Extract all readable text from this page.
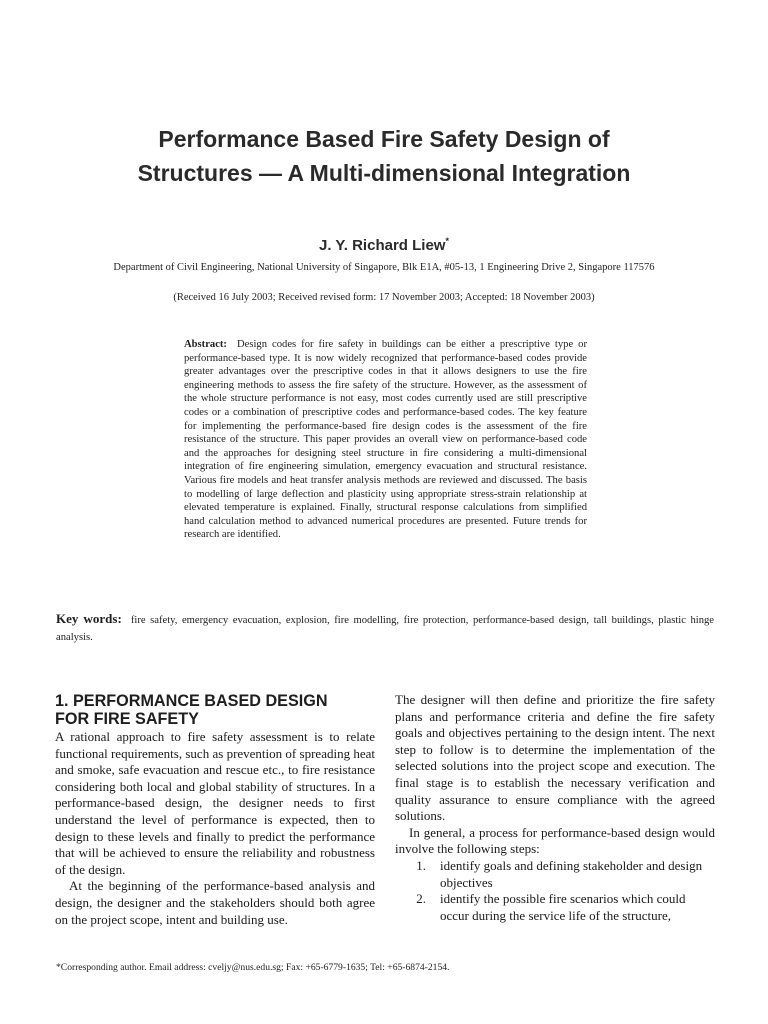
Performance Based Fire Safety Design of
Structures — A Multi-dimensional Integration
J. Y. Richard Liew*
Department of Civil Engineering, National University of Singapore, Blk E1A, #05-13, 1 Engineering Drive 2, Singapore 117576
(Received 16 July 2003; Received revised form: 17 November 2003; Accepted: 18 November 2003)
Abstract: Design codes for fire safety in buildings can be either a prescriptive type or performance-based type. It is now widely recognized that performance-based codes provide greater advantages over the prescriptive codes in that it allows designers to use the fire engineering methods to assess the fire safety of the structure. However, as the assessment of the whole structure performance is not easy, most codes currently used are still prescriptive codes or a combination of prescriptive codes and performance-based codes. The key feature for implementing the performance-based fire design codes is the assessment of the fire resistance of the structure. This paper provides an overall view on performance-based code and the approaches for designing steel structure in fire considering a multi-dimensional integration of fire engineering simulation, emergency evacuation and structural resistance. Various fire models and heat transfer analysis methods are reviewed and discussed. The basis to modelling of large deflection and plasticity using appropriate stress-strain relationship at elevated temperature is explained. Finally, structural response calculations from simplified hand calculation method to advanced numerical procedures are presented. Future trends for research are identified.
Key words: fire safety, emergency evacuation, explosion, fire modelling, fire protection, performance-based design, tall buildings, plastic hinge analysis.
1. PERFORMANCE BASED DESIGN
FOR FIRE SAFETY

A rational approach to fire safety assessment is to relate functional requirements, such as prevention of spreading heat and smoke, safe evacuation and rescue etc., to fire resistance considering both local and global stability of structures. In a performance-based design, the designer needs to first understand the level of performance is expected, then to design to these levels and finally to predict the performance that will be achieved to ensure the reliability and robustness of the design.

At the beginning of the performance-based analysis and design, the designer and the stakeholders should both agree on the project scope, intent and building use.

The designer will then define and prioritize the fire safety plans and performance criteria and define the fire safety goals and objectives pertaining to the design intent. The next step to follow is to determine the implementation of the selected solutions into the project scope and execution. The final stage is to establish the necessary verification and quality assurance to ensure compliance with the agreed solutions.

In general, a process for performance-based design would involve the following steps:

1.	identify goals and defining stakeholder and design objectives
2.	identify the possible fire scenarios which could occur during the service life of the structure,
*Corresponding author. Email address: cveljy@nus.edu.sg; Fax: +65-6779-1635; Tel: +65-6874-2154.
